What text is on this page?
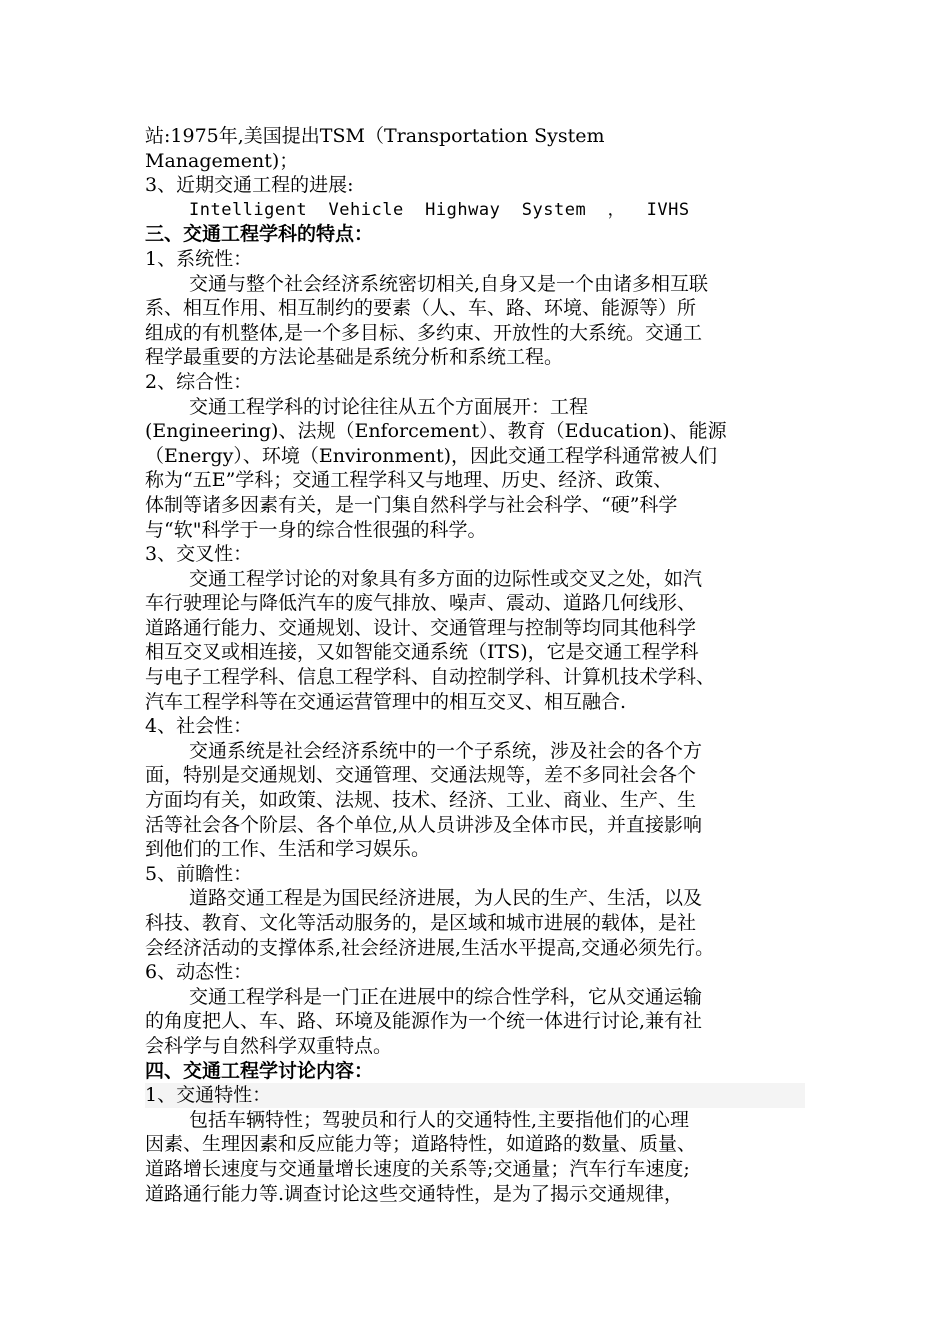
站:1975年,美国提出TSM（Transportation System
Management)；
3、近期交通工程的进展:
Intelligent  Vehicle  Highway  System  ，  IVHS
三、交通工程学科的特点：
1、系统性：
交通与整个社会经济系统密切相关,自身又是一个由诸多相互联
系、相互作用、相互制约的要素（人、车、路、环境、能源等）所
组成的有机整体,是一个多目标、多约束、开放性的大系统。交通工
程学最重要的方法论基础是系统分析和系统工程。
2、综合性：
交通工程学科的讨论往往从五个方面展开：工程
(Engineering)、法规（Enforcement）、教育（Education)、能源
（Energy）、环境（Environment)，因此交通工程学科通常被人们
称为“五E”学科；交通工程学科又与地理、历史、经济、政策、
体制等诸多因素有关，是一门集自然科学与社会科学、“硬”科学
与“软"科学于一身的综合性很强的科学。
3、交叉性：
交通工程学讨论的对象具有多方面的边际性或交叉之处，如汽
车行驶理论与降低汽车的废气排放、噪声、震动、道路几何线形、
道路通行能力、交通规划、设计、交通管理与控制等均同其他科学
相互交叉或相连接，又如智能交通系统（ITS)，它是交通工程学科
与电子工程学科、信息工程学科、自动控制学科、计算机技术学科、
汽车工程学科等在交通运营管理中的相互交叉、相互融合.
4、社会性：
交通系统是社会经济系统中的一个子系统，涉及社会的各个方
面，特别是交通规划、交通管理、交通法规等，差不多同社会各个
方面均有关，如政策、法规、技术、经济、工业、商业、生产、生
活等社会各个阶层、各个单位,从人员讲涉及全体市民，并直接影响
到他们的工作、生活和学习娱乐。
5、前瞻性：
道路交通工程是为国民经济进展，为人民的生产、生活，以及
科技、教育、文化等活动服务的，是区域和城市进展的载体，是社
会经济活动的支撑体系,社会经济进展,生活水平提高,交通必须先行。
6、动态性：
交通工程学科是一门正在进展中的综合性学科，它从交通运输
的角度把人、车、路、环境及能源作为一个统一体进行讨论,兼有社
会科学与自然科学双重特点。
四、交通工程学讨论内容：
1、交通特性：
包括车辆特性；驾驶员和行人的交通特性,主要指他们的心理
因素、生理因素和反应能力等；道路特性，如道路的数量、质量、
道路增长速度与交通量增长速度的关系等;交通量；汽车行车速度;
道路通行能力等.调查讨论这些交通特性，是为了揭示交通规律，
